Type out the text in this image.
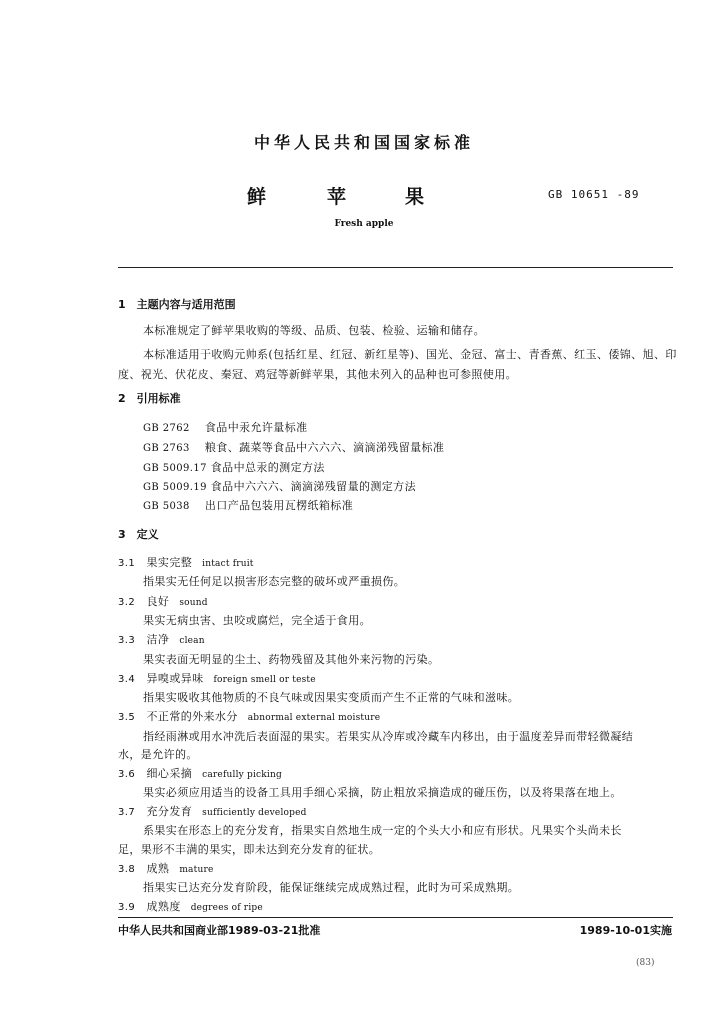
中华人民共和国国家标准
鲜	苹	果	GB 10651 -89
Fresh apple
1　主题内容与适用范围
本标准规定了鲜苹果收购的等级、品质、包装、检验、运输和储存。
本标准适用于收购元帅系(包括红星、红冠、新红星等)、国光、金冠、富士、青香蕉、红玉、倭锦、旭、印
度、祝光、伏花皮、秦冠、鸡冠等新鲜苹果，其他未列入的品种也可参照使用。
2　引用标准
GB 2762 食品中汞允许量标准
GB 2763 粮食、蔬菜等食品中六六六、滴滴涕残留量标准
GB 5009.17 食品中总汞的测定方法
GB 5009.19 食品中六六六、滴滴涕残留量的测定方法
GB 5038 出口产品包装用瓦楞纸箱标准
3　定义
3.1　 果实完整 intact fruit
指果实无任何足以损害形态完整的破坏或严重损伤。
3.2　 良好 sound
果实无病虫害、虫咬或腐烂，完全适于食用。
3.3　 洁净 clean
果实表面无明显的尘土、药物残留及其他外来污物的污染。
3.4　 异嗅或异味 foreign smell or teste
指果实吸收其他物质的不良气味或因果实变质而产生不正常的气味和滋味。
3.5　 不正常的外来水分 abnormal external moisture
指经雨淋或用水冲洗后表面湿的果实。若果实从冷库或冷藏车内移出，由于温度差异而带轻微凝结
水，是允许的。
3.6　 细心采摘 carefully picking
果实必须应用适当的设备工具用手细心采摘，防止粗放采摘造成的碰压伤，以及将果落在地上。
3.7　 充分发育 sufficiently developed
系果实在形态上的充分发育，指果实自然地生成一定的个头大小和应有形状。凡果实个头尚未长
足，果形不丰满的果实，即未达到充分发育的征状。
3.8　 成熟 mature
指果实已达充分发育阶段，能保证继续完成成熟过程，此时为可采成熟期。
3.9　 成熟度 degrees of ripe
中华人民共和国商业部1989-03-21批准	1989-10-01实施
(83)
